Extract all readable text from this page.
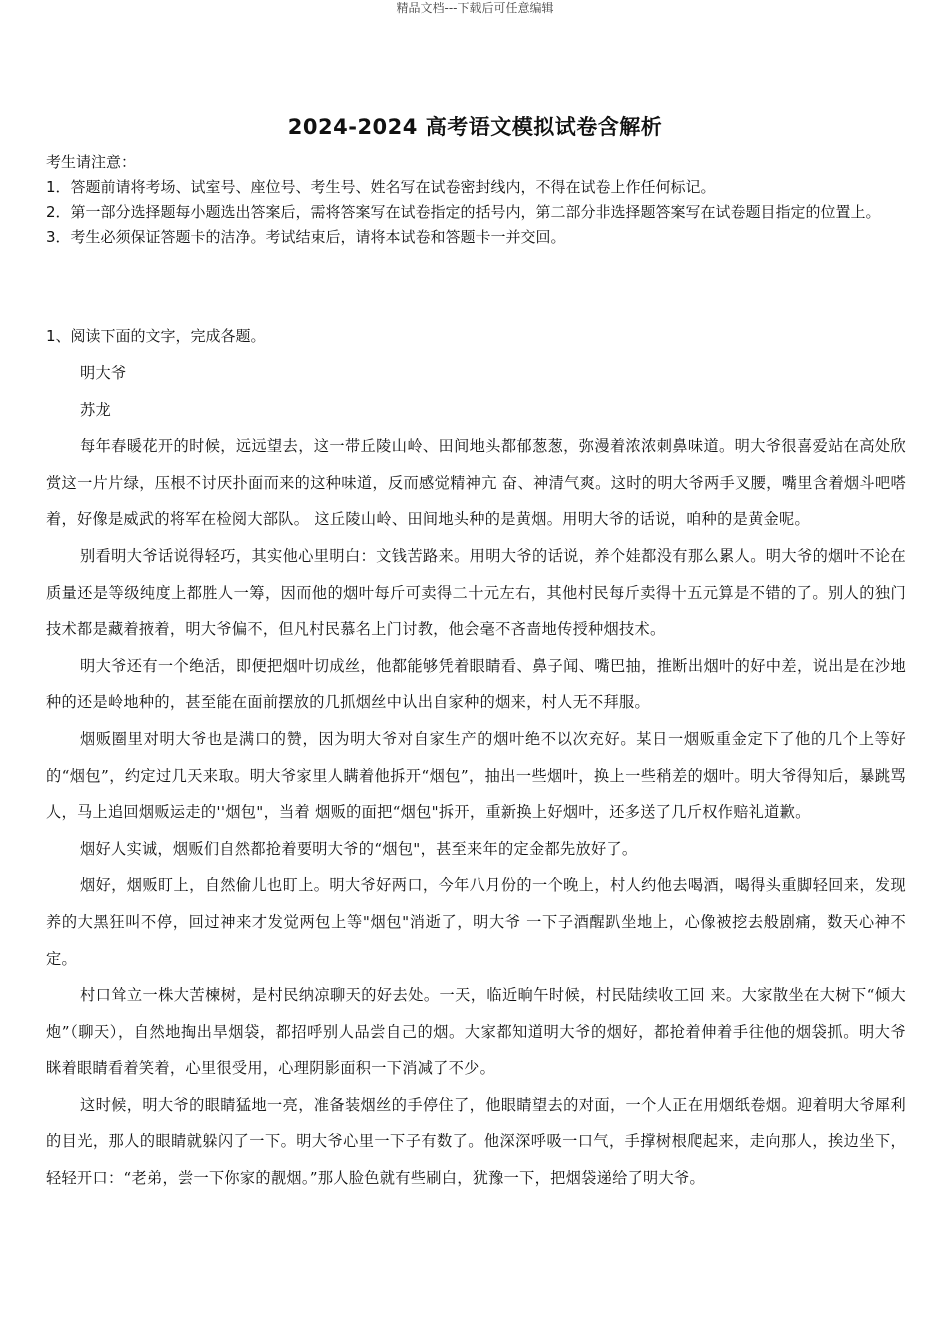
精品文档---下载后可任意编辑
2024-2024 高考语文模拟试卷含解析

考生请注意：

1．答题前请将考场、试室号、座位号、考生号、姓名写在试卷密封线内，不得在试卷上作任何标记。

2．第一部分选择题每小题选出答案后，需将答案写在试卷指定的括号内，第二部分非选择题答案写在试卷题目指定的位置上。

3．考生必须保证答题卡的洁净。考试结束后，请将本试卷和答题卡一并交回。

1、阅读下面的文字，完成各题。

明大爷

苏龙

每年春暖花开的时候，远远望去，这一带丘陵山岭、田间地头都郁葱葱，弥漫着浓浓刺鼻味道。明大爷很喜爱站在高处欣赏这一片片绿，压根不讨厌扑面而来的这种味道，反而感觉精神亢 奋、神清气爽。这时的明大爷两手叉腰，嘴里含着烟斗吧嗒着，好像是威武的将军在检阅大部队。 这丘陵山岭、田间地头种的是黄烟。用明大爷的话说，咱种的是黄金呢。

别看明大爷话说得轻巧，其实他心里明白：文钱苦路来。用明大爷的话说，养个娃都没有那么累人。明大爷的烟叶不论在质量还是等级纯度上都胜人一筹，因而他的烟叶每斤可卖得二十元左右，其他村民每斤卖得十五元算是不错的了。别人的独门技术都是藏着掖着，明大爷偏不，但凡村民慕名上门讨教，他会毫不吝啬地传授种烟技术。

明大爷还有一个绝活，即便把烟叶切成丝，他都能够凭着眼睛看、鼻子闻、嘴巴抽，推断出烟叶的好中差，说出是在沙地种的还是岭地种的，甚至能在面前摆放的几抓烟丝中认出自家种的烟来，村人无不拜服。

烟贩圈里对明大爷也是满口的赞，因为明大爷对自家生产的烟叶绝不以次充好。某日一烟贩重金定下了他的几个上等好的“烟包”，约定过几天来取。明大爷家里人瞒着他拆开“烟包”，抽出一些烟叶，换上一些稍差的烟叶。明大爷得知后，暴跳骂人，马上追回烟贩运走的''烟包"，当着 烟贩的面把“烟包"拆开，重新换上好烟叶，还多送了几斤权作赔礼道歉。

烟好人实诚，烟贩们自然都抢着要明大爷的“烟包"，甚至来年的定金都先放好了。

烟好，烟贩盯上，自然偷儿也盯上。明大爷好两口，今年八月份的一个晚上，村人约他去喝酒，喝得头重脚轻回来，发现养的大黑狂叫不停，回过神来才发觉两包上等"烟包"消逝了，明大爷 一下子酒醒趴坐地上，心像被挖去般剧痛，数天心神不定。

村口耸立一株大苦楝树，是村民纳凉聊天的好去处。一天，临近晌午时候，村民陆续收工回 来。大家散坐在大树下“倾大炮”（聊天），自然地掏出旱烟袋，都招呼别人品尝自己的烟。大家都知道明大爷的烟好，都抢着伸着手往他的烟袋抓。明大爷眯着眼睛看着笑着，心里很受用，心理阴影面积一下消减了不少。

这时候，明大爷的眼睛猛地一亮，准备装烟丝的手停住了，他眼睛望去的对面，一个人正在用烟纸卷烟。迎着明大爷犀利的目光，那人的眼睛就躲闪了一下。明大爷心里一下子有数了。他深深呼吸一口气，手撑树根爬起来，走向那人，挨边坐下，轻轻开口：“老弟，尝一下你家的靓烟。”那人脸色就有些刷白，犹豫一下，把烟袋递给了明大爷。
